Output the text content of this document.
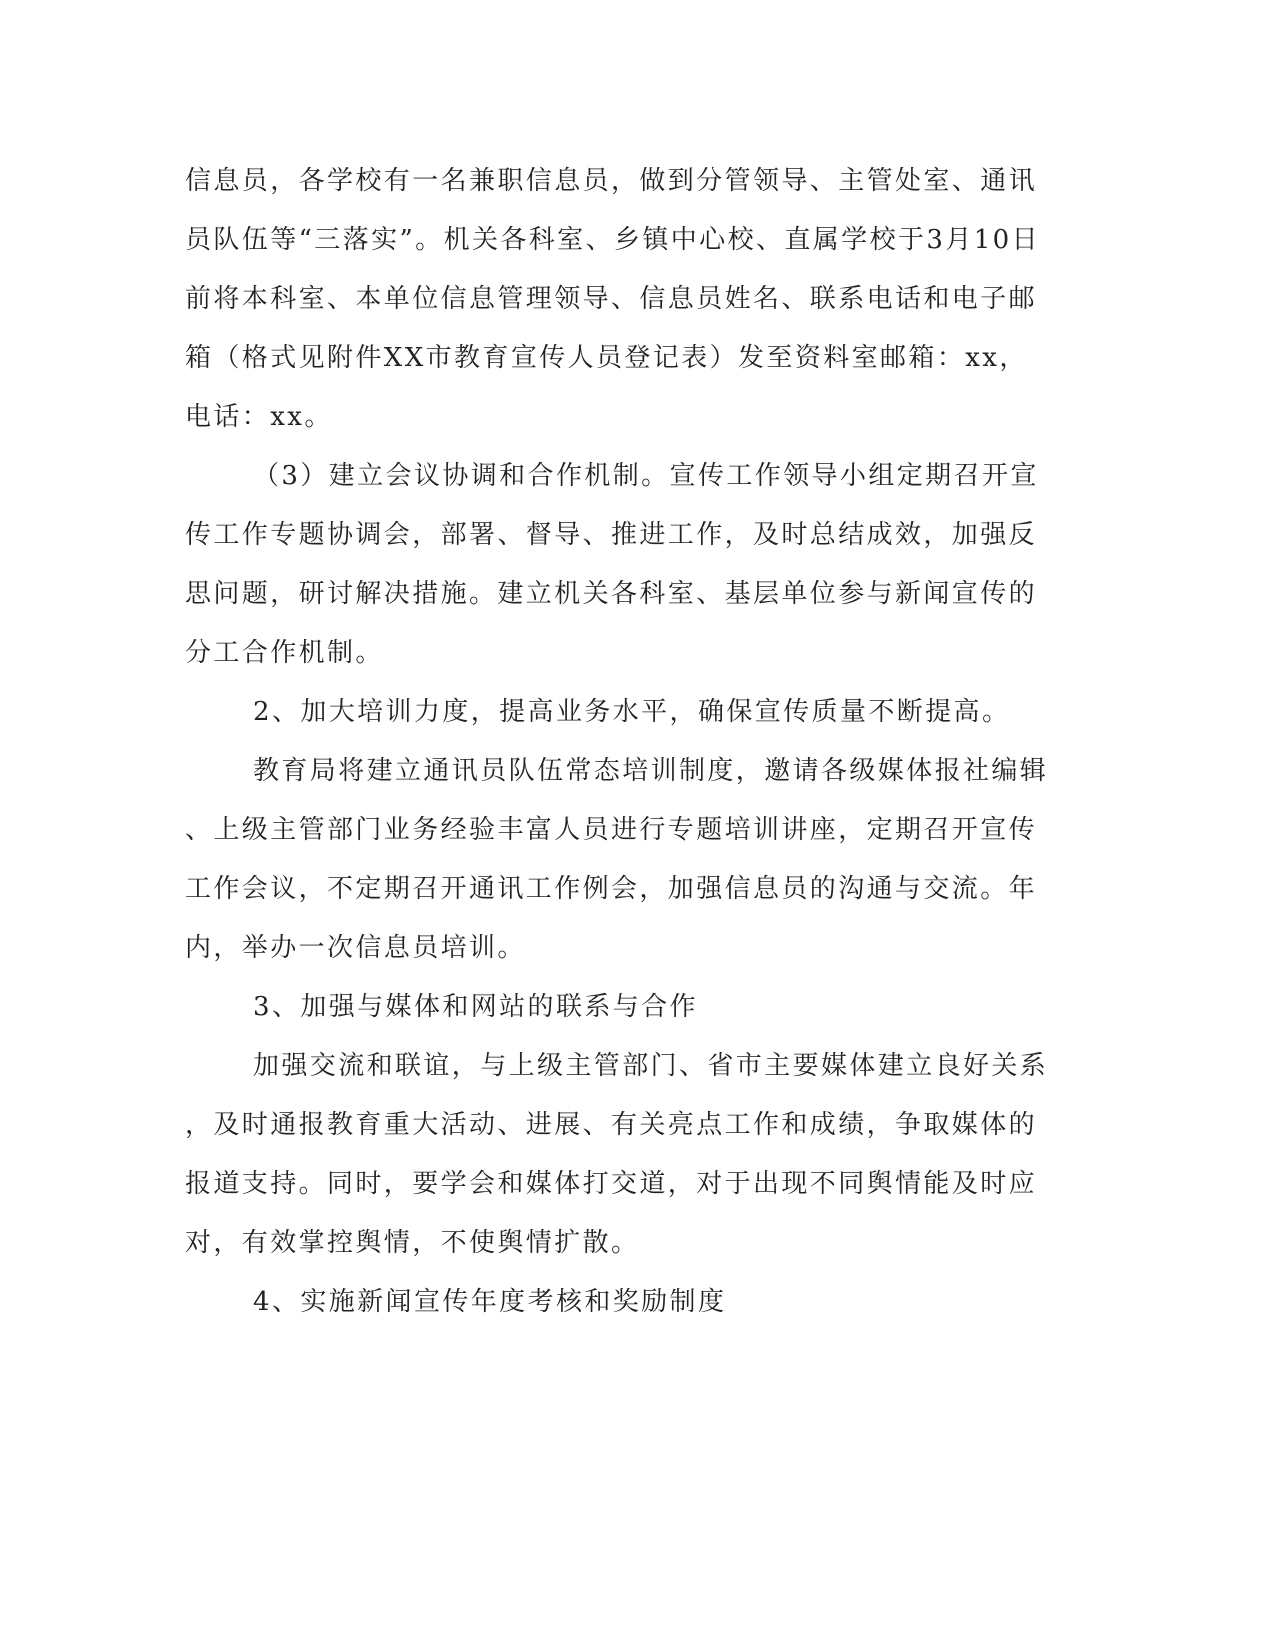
信息员，各学校有一名兼职信息员，做到分管领导、主管处室、通讯
员队伍等“三落实”。机关各科室、乡镇中心校、直属学校于3月10日
前将本科室、本单位信息管理领导、信息员姓名、联系电话和电子邮
箱（格式见附件XX市教育宣传人员登记表）发至资料室邮箱：xx，
电话：xx。

（3）建立会议协调和合作机制。宣传工作领导小组定期召开宣
传工作专题协调会，部署、督导、推进工作，及时总结成效，加强反
思问题，研讨解决措施。建立机关各科室、基层单位参与新闻宣传的
分工合作机制。

2、加大培训力度，提高业务水平，确保宣传质量不断提高。

教育局将建立通讯员队伍常态培训制度，邀请各级媒体报社编辑
、上级主管部门业务经验丰富人员进行专题培训讲座，定期召开宣传
工作会议，不定期召开通讯工作例会，加强信息员的沟通与交流。年
内，举办一次信息员培训。

3、加强与媒体和网站的联系与合作

加强交流和联谊，与上级主管部门、省市主要媒体建立良好关系
，及时通报教育重大活动、进展、有关亮点工作和成绩，争取媒体的
报道支持。同时，要学会和媒体打交道，对于出现不同舆情能及时应
对，有效掌控舆情，不使舆情扩散。

4、实施新闻宣传年度考核和奖励制度
